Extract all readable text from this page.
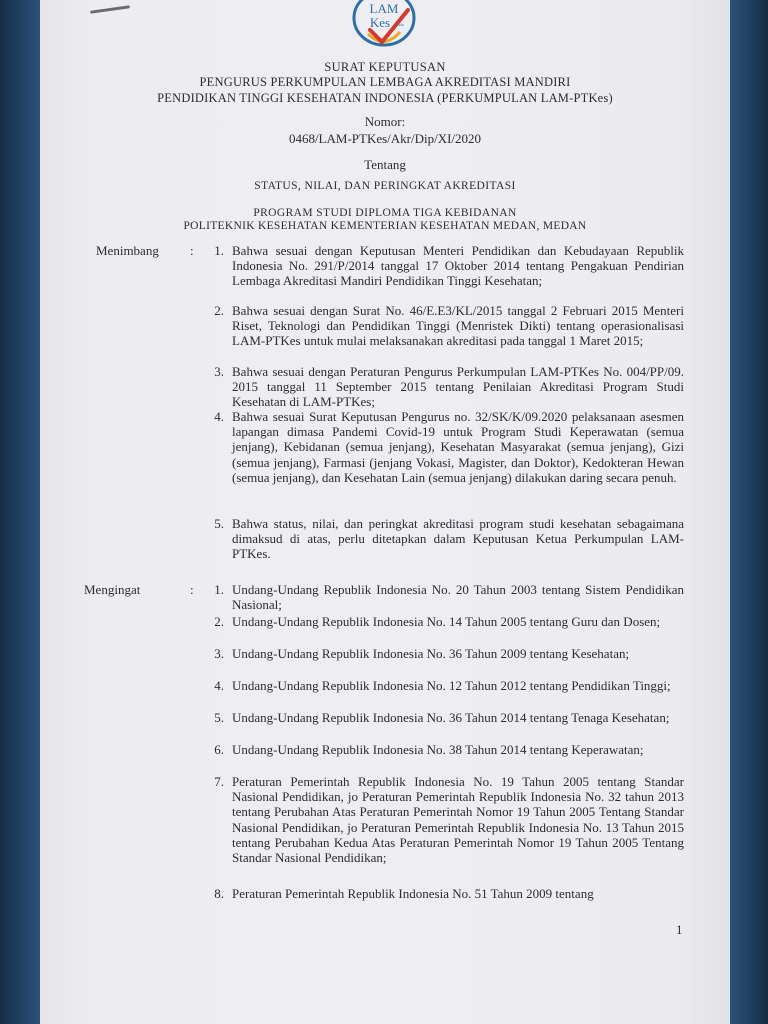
LAM
Kes Indo
SURAT KEPUTUSAN
PENGURUS PERKUMPULAN LEMBAGA AKREDITASI MANDIRI
PENDIDIKAN TINGGI KESEHATAN INDONESIA (PERKUMPULAN LAM-PTKes)
Nomor:
0468/LAM-PTKes/Akr/Dip/XI/2020
Tentang
STATUS, NILAI, DAN PERINGKAT AKREDITASI
PROGRAM STUDI DIPLOMA TIGA KEBIDANAN
POLITEKNIK KESEHATAN KEMENTERIAN KESEHATAN MEDAN, MEDAN
Menimbang :	1. Bahwa sesuai dengan Keputusan Menteri Pendidikan dan Kebudayaan Republik Indonesia No. 291/P/2014 tanggal 17 Oktober 2014 tentang Pengakuan Pendirian Lembaga Akreditasi Mandiri Pendidikan Tinggi Kesehatan;
2. Bahwa sesuai dengan Surat No. 46/E.E3/KL/2015 tanggal 2 Februari 2015 Menteri Riset, Teknologi dan Pendidikan Tinggi (Menristek Dikti) tentang operasionalisasi LAM-PTKes untuk mulai melaksanakan akreditasi pada tanggal 1 Maret 2015;
3. Bahwa sesuai dengan Peraturan Pengurus Perkumpulan LAM-PTKes No. 004/PP/09. 2015 tanggal 11 September 2015 tentang Penilaian Akreditasi Program Studi Kesehatan di LAM-PTKes;
4. Bahwa sesuai Surat Keputusan Pengurus no. 32/SK/K/09.2020 pelaksanaan asesmen lapangan dimasa Pandemi Covid-19 untuk Program Studi Keperawatan (semua jenjang), Kebidanan (semua jenjang), Kesehatan Masyarakat (semua jenjang), Gizi (semua jenjang), Farmasi (jenjang Vokasi, Magister, dan Doktor), Kedokteran Hewan (semua jenjang), dan Kesehatan Lain (semua jenjang) dilakukan daring secara penuh.
5. Bahwa status, nilai, dan peringkat akreditasi program studi kesehatan sebagaimana dimaksud di atas, perlu ditetapkan dalam Keputusan Ketua Perkumpulan LAM-PTKes.
Mengingat	:	1. Undang-Undang Republik Indonesia No. 20 Tahun 2003 tentang Sistem Pendidikan Nasional;
2. Undang-Undang Republik Indonesia No. 14 Tahun 2005 tentang Guru dan Dosen;
3. Undang-Undang Republik Indonesia No. 36 Tahun 2009 tentang Kesehatan;
4. Undang-Undang Republik Indonesia No. 12 Tahun 2012 tentang Pendidikan Tinggi;
5. Undang-Undang Republik Indonesia No. 36 Tahun 2014 tentang Tenaga Kesehatan;
6. Undang-Undang Republik Indonesia No. 38 Tahun 2014 tentang Keperawatan;
7. Peraturan Pemerintah Republik Indonesia No. 19 Tahun 2005 tentang Standar Nasional Pendidikan, jo Peraturan Pemerintah Republik Indonesia No. 32 tahun 2013 tentang Perubahan Atas Peraturan Pemerintah Nomor 19 Tahun 2005 Tentang Standar Nasional Pendidikan, jo Peraturan Pemerintah Republik Indonesia No. 13 Tahun 2015 tentang Perubahan Kedua Atas Peraturan Pemerintah Nomor 19 Tahun 2005 Tentang Standar Nasional Pendidikan;
8. Peraturan Pemerintah Republik Indonesia No. 51 Tahun 2009 tentang
1
